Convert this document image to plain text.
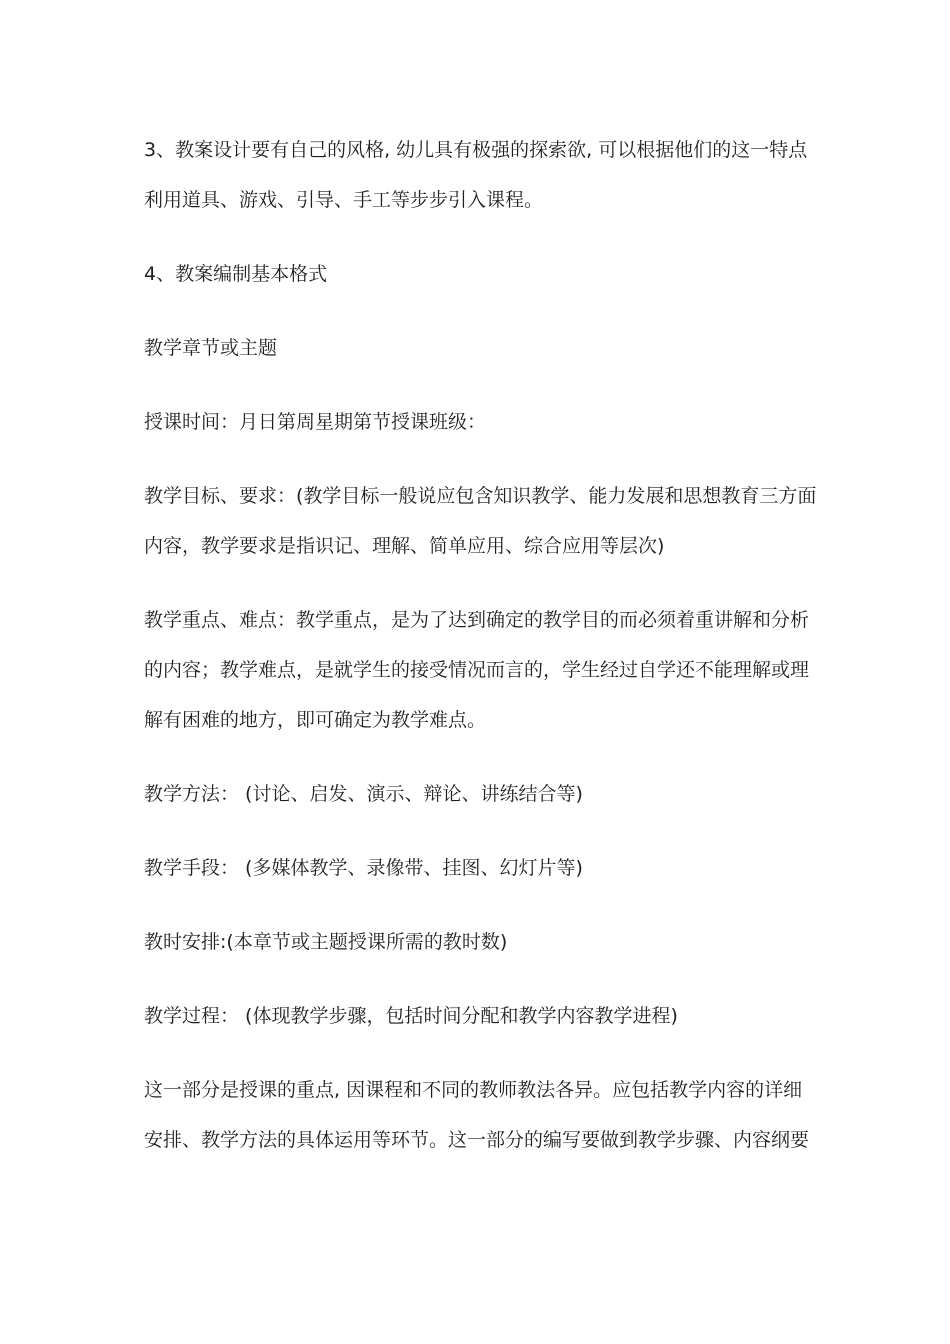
3、教案设计要有自己的风格, 幼儿具有极强的探索欲, 可以根据他们的这一特点
利用道具、游戏、引导、手工等步步引入课程。
4、教案编制基本格式
教学章节或主题
授课时间：月日第周星期第节授课班级：
教学目标、要求：(教学目标一般说应包含知识教学、能力发展和思想教育三方面
内容，教学要求是指识记、理解、简单应用、综合应用等层次)
教学重点、难点：教学重点，是为了达到确定的教学目的而必须着重讲解和分析
的内容；教学难点，是就学生的接受情况而言的，学生经过自学还不能理解或理
解有困难的地方，即可确定为教学难点。
教学方法： (讨论、启发、演示、辩论、讲练结合等)
教学手段： (多媒体教学、录像带、挂图、幻灯片等)
教时安排:(本章节或主题授课所需的教时数)
教学过程： (体现教学步骤，包括时间分配和教学内容教学进程)
这一部分是授课的重点, 因课程和不同的教师教法各异。应包括教学内容的详细
安排、教学方法的具体运用等环节。这一部分的编写要做到教学步骤、内容纲要
